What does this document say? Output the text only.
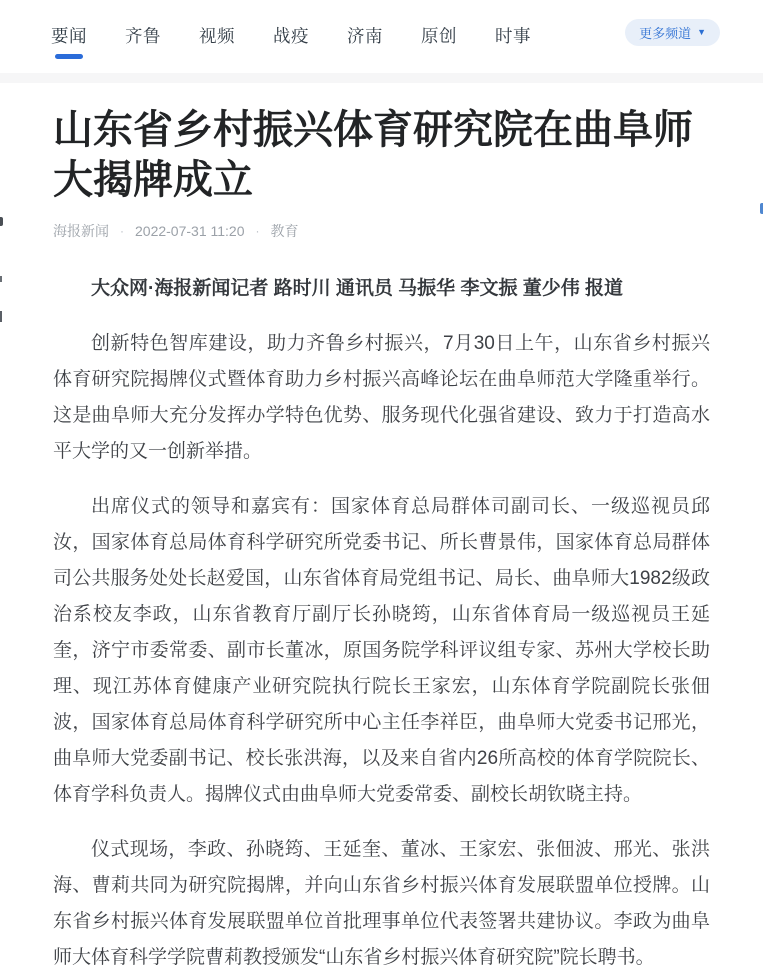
要闻 齐鲁 视频 战疫 济南 原创 时事	更多频道 ▼
山东省乡村振兴体育研究院在曲阜师大揭牌成立
海报新闻 · 2022-07-31 11:20 · 教育

大众网·海报新闻记者 路时川 通讯员 马振华 李文振 董少伟 报道

创新特色智库建设，助力齐鲁乡村振兴，7月30日上午，山东省乡村振兴体育研究院揭牌仪式暨体育助力乡村振兴高峰论坛在曲阜师范大学隆重举行。这是曲阜师大充分发挥办学特色优势、服务现代化强省建设、致力于打造高水平大学的又一创新举措。

出席仪式的领导和嘉宾有：国家体育总局群体司副司长、一级巡视员邱汝，国家体育总局体育科学研究所党委书记、所长曹景伟，国家体育总局群体司公共服务处处长赵爱国，山东省体育局党组书记、局长、曲阜师大1982级政治系校友李政，山东省教育厅副厅长孙晓筠，山东省体育局一级巡视员王延奎，济宁市委常委、副市长董冰，原国务院学科评议组专家、苏州大学校长助理、现江苏体育健康产业研究院执行院长王家宏，山东体育学院副院长张佃波，国家体育总局体育科学研究所中心主任李祥臣，曲阜师大党委书记邢光，曲阜师大党委副书记、校长张洪海，以及来自省内26所高校的体育学院院长、体育学科负责人。揭牌仪式由曲阜师大党委常委、副校长胡钦晓主持。

仪式现场，李政、孙晓筠、王延奎、董冰、王家宏、张佃波、邢光、张洪海、曹莉共同为研究院揭牌，并向山东省乡村振兴体育发展联盟单位授牌。山东省乡村振兴体育发展联盟单位首批理事单位代表签署共建协议。李政为曲阜师大体育科学学院曹莉教授颁发“山东省乡村振兴体育研究院”院长聘书。
